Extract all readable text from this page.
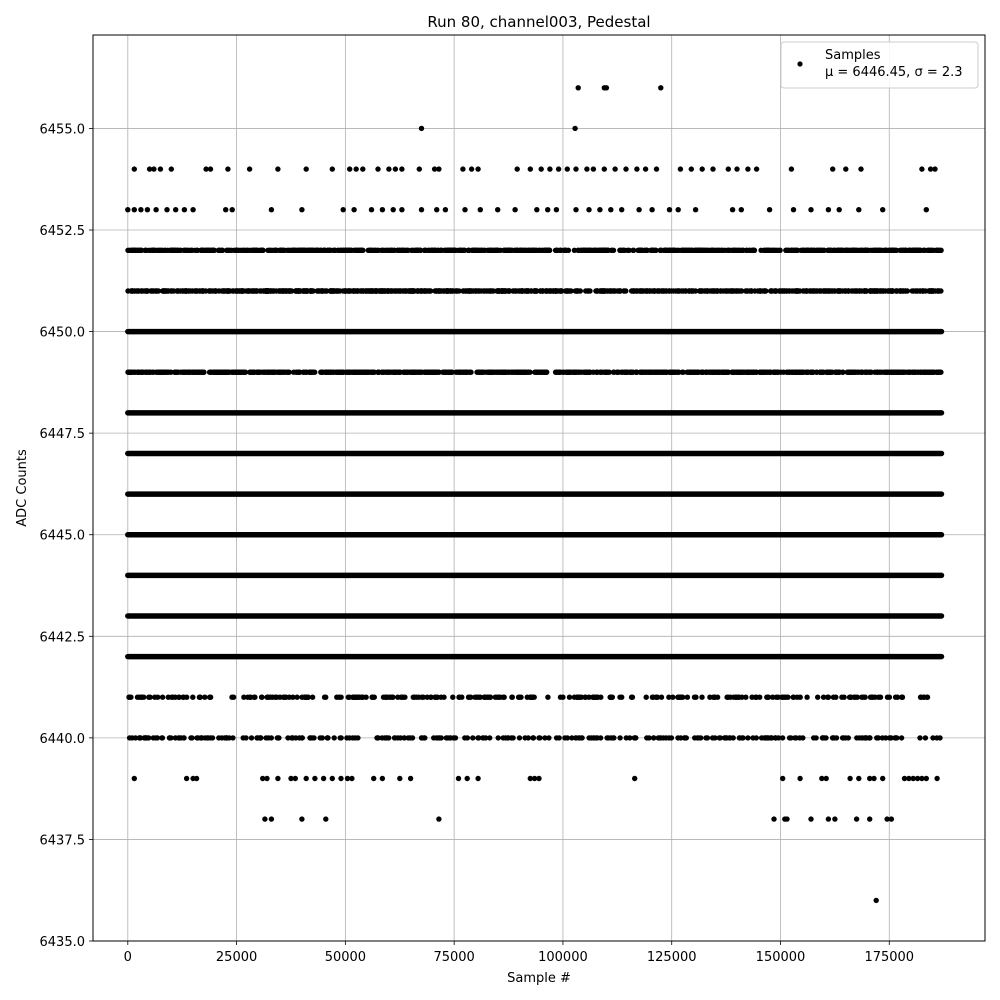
0	25000	50000	75000	100000	125000	150000	175000
6435.0
6437.5
6440.0
6442.5
6445.0
6447.5
6450.0
6452.5
6455.0
Run 80, channel003, Pedestal
Sample #
ADC Counts
Samples
μ = 6446.45, σ = 2.3
